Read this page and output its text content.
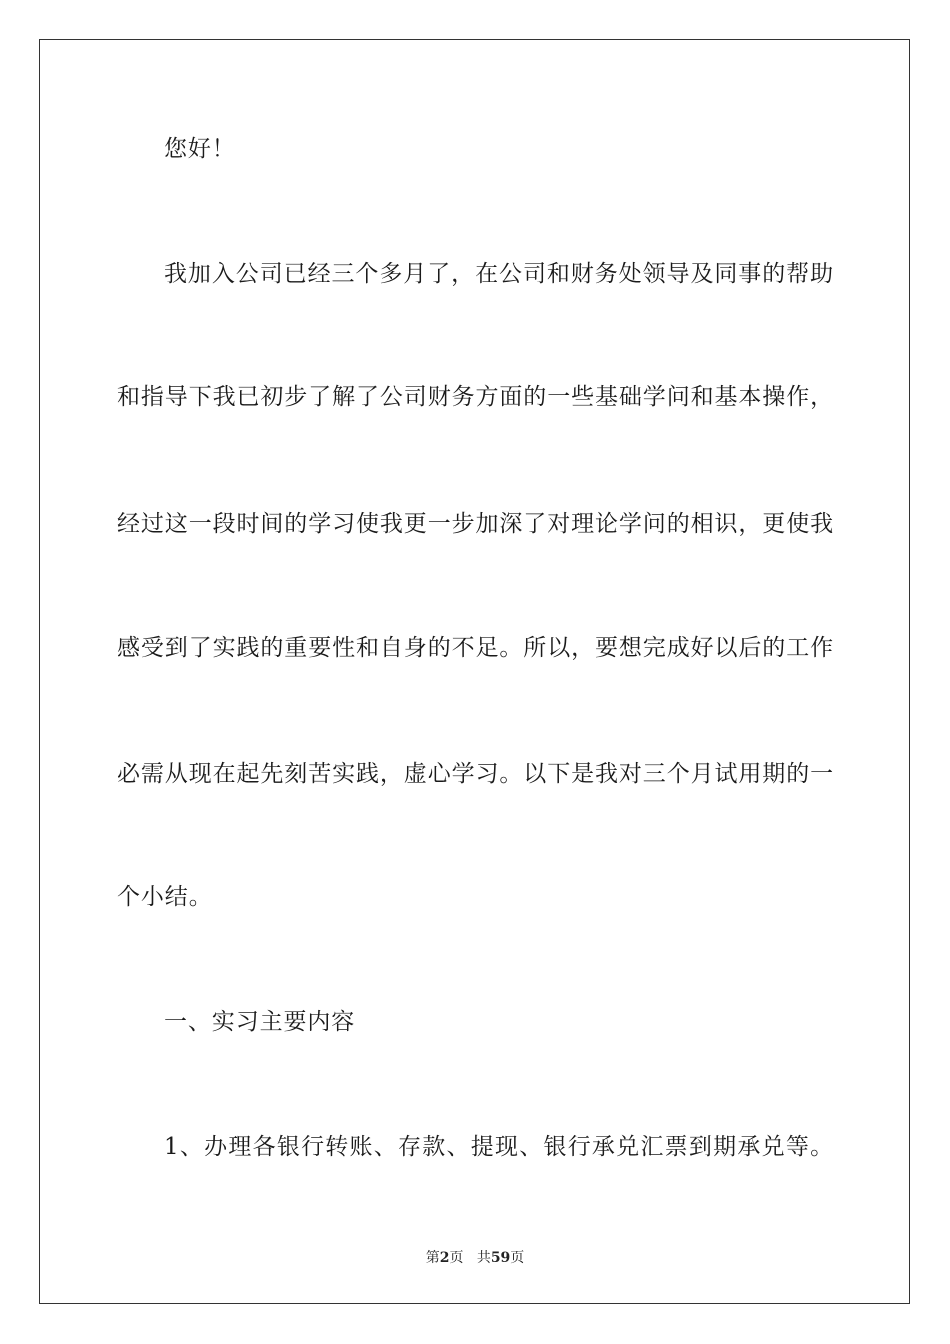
您好！
我加入公司已经三个多月了，在公司和财务处领导及同事的帮助
和指导下我已初步了解了公司财务方面的一些基础学问和基本操作，
经过这一段时间的学习使我更一步加深了对理论学问的相识，更使我
感受到了实践的重要性和自身的不足。所以，要想完成好以后的工作
必需从现在起先刻苦实践，虚心学习。以下是我对三个月试用期的一
个小结。
一、实习主要内容
1、办理各银行转账、存款、提现、银行承兑汇票到期承兑等。
第2页 共59页
